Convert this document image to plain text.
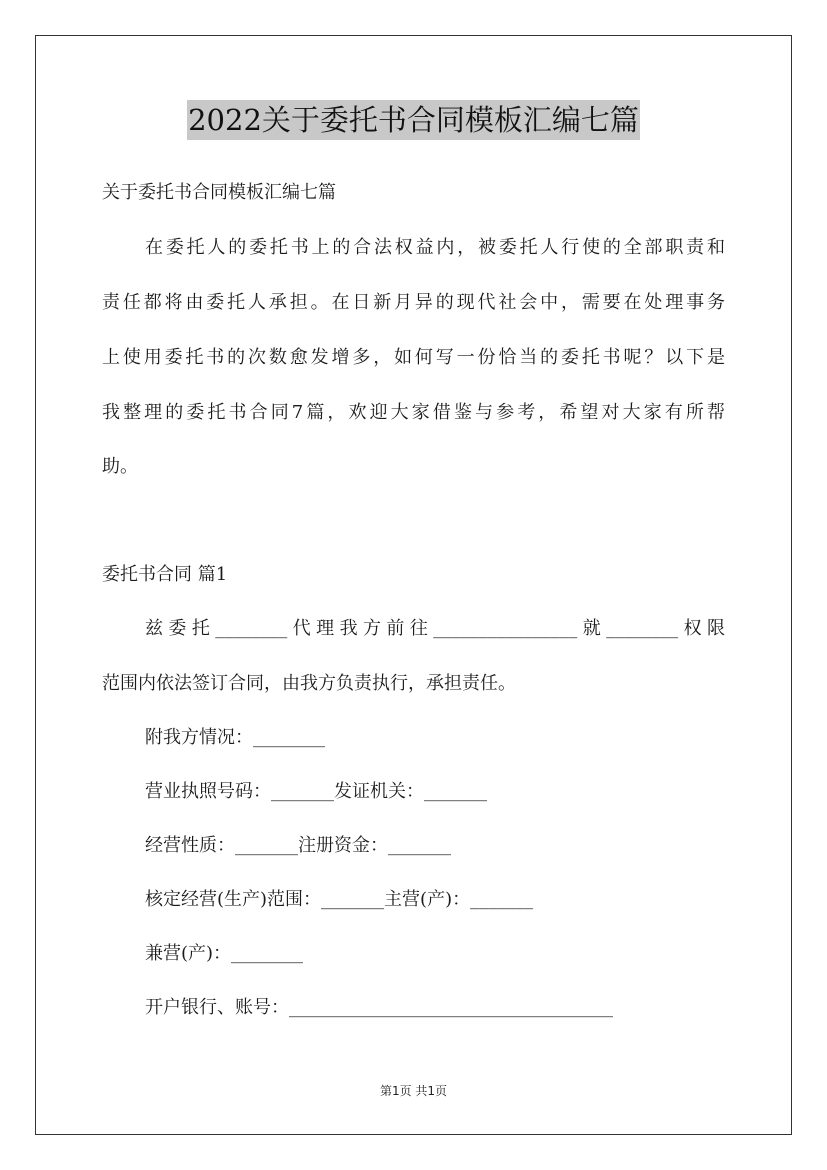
2022关于委托书合同模板汇编七篇
关于委托书合同模板汇编七篇
在委托人的委托书上的合法权益内，被委托人行使的全部职责和
责任都将由委托人承担。在日新月异的现代社会中，需要在处理事务
上使用委托书的次数愈发增多，如何写一份恰当的委托书呢？以下是
我整理的委托书合同7篇，欢迎大家借鉴与参考，希望对大家有所帮
助。
委托书合同 篇1
兹委托________代理我方前往________________就________权限
范围内依法签订合同，由我方负责执行，承担责任。
附我方情况：________
营业执照号码：_______发证机关：_______
经营性质：_______注册资金：_______
核定经营(生产)范围：_______主营(产)：_______
兼营(产)：________
开户银行、账号：____________________________________
第1页 共1页
